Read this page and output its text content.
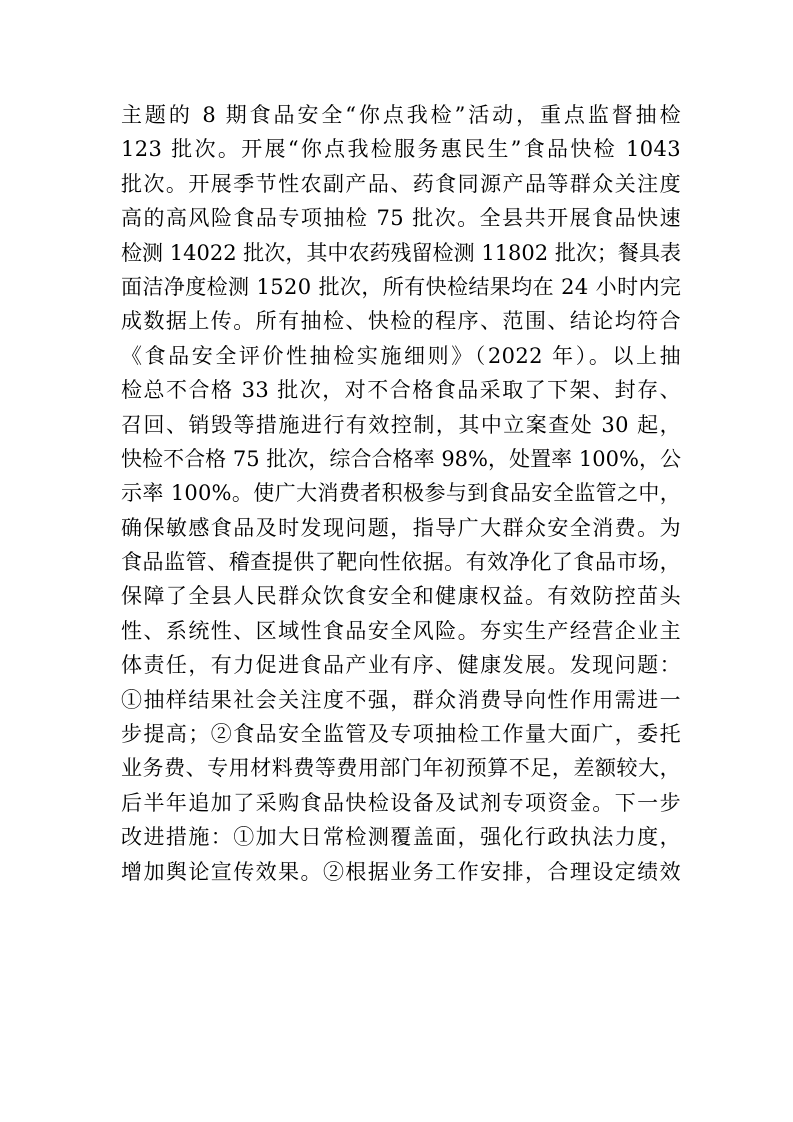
主题的 8 期食品安全“你点我检”活动，重点监督抽检
123 批次。开展“你点我检服务惠民生”食品快检 1043
批次。开展季节性农副产品、药食同源产品等群众关注度
高的高风险食品专项抽检 75 批次。全县共开展食品快速
检测 14022 批次，其中农药残留检测 11802 批次；餐具表
面洁净度检测 1520 批次，所有快检结果均在 24 小时内完
成数据上传。所有抽检、快检的程序、范围、结论均符合
《食品安全评价性抽检实施细则》（2022 年）。以上抽
检总不合格 33 批次，对不合格食品采取了下架、封存、
召回、销毁等措施进行有效控制，其中立案查处 30 起，
快检不合格 75 批次，综合合格率 98%，处置率 100%，公
示率 100%。使广大消费者积极参与到食品安全监管之中，
确保敏感食品及时发现问题，指导广大群众安全消费。为
食品监管、稽查提供了靶向性依据。有效净化了食品市场，
保障了全县人民群众饮食安全和健康权益。有效防控苗头
性、系统性、区域性食品安全风险。夯实生产经营企业主
体责任，有力促进食品产业有序、健康发展。发现问题：
①抽样结果社会关注度不强，群众消费导向性作用需进一
步提高；②食品安全监管及专项抽检工作量大面广，委托
业务费、专用材料费等费用部门年初预算不足，差额较大，
后半年追加了采购食品快检设备及试剂专项资金。下一步
改进措施：①加大日常检测覆盖面，强化行政执法力度，
增加舆论宣传效果。②根据业务工作安排，合理设定绩效
